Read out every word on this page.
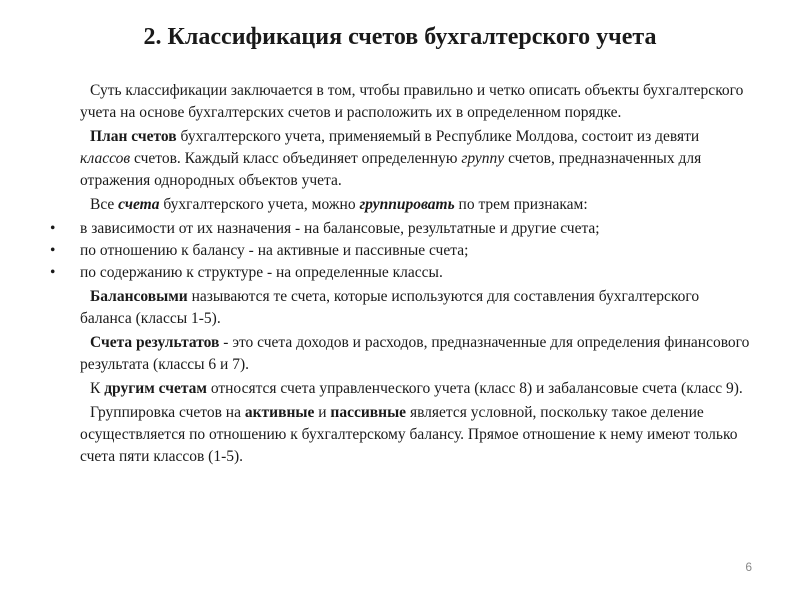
2. Классификация счетов бухгалтерского учета

Суть классификации заключается в том, чтобы правильно и четко описать объекты бухгалтерского учета на основе бухгалтерских счетов и расположить их в определенном порядке.

План счетов бухгалтерского учета, применяемый в Республике Молдова, состоит из девяти классов счетов. Каждый класс объединяет определенную группу счетов, предназначенных для отражения однородных объектов учета.

Все счета бухгалтерского учета, можно группировать по трем признакам:

• в зависимости от их назначения - на балансовые, результатные и другие счета;
• по отношению к балансу - на активные и пассивные счета;
• по содержанию к структуре - на определенные классы.

Балансовыми называются те счета, которые используются для составления бухгалтерского баланса (классы 1-5).

Счета результатов - это счета доходов и расходов, предназначенные для определения финансового результата (классы 6 и 7).

К другим счетам относятся счета управленческого учета (класс 8) и забалансовые счета (класс 9).

Группировка счетов на активные и пассивные является условной, поскольку такое деление осуществляется по отношению к бухгалтерскому балансу. Прямое отношение к нему имеют только счета пяти классов (1-5).

6
